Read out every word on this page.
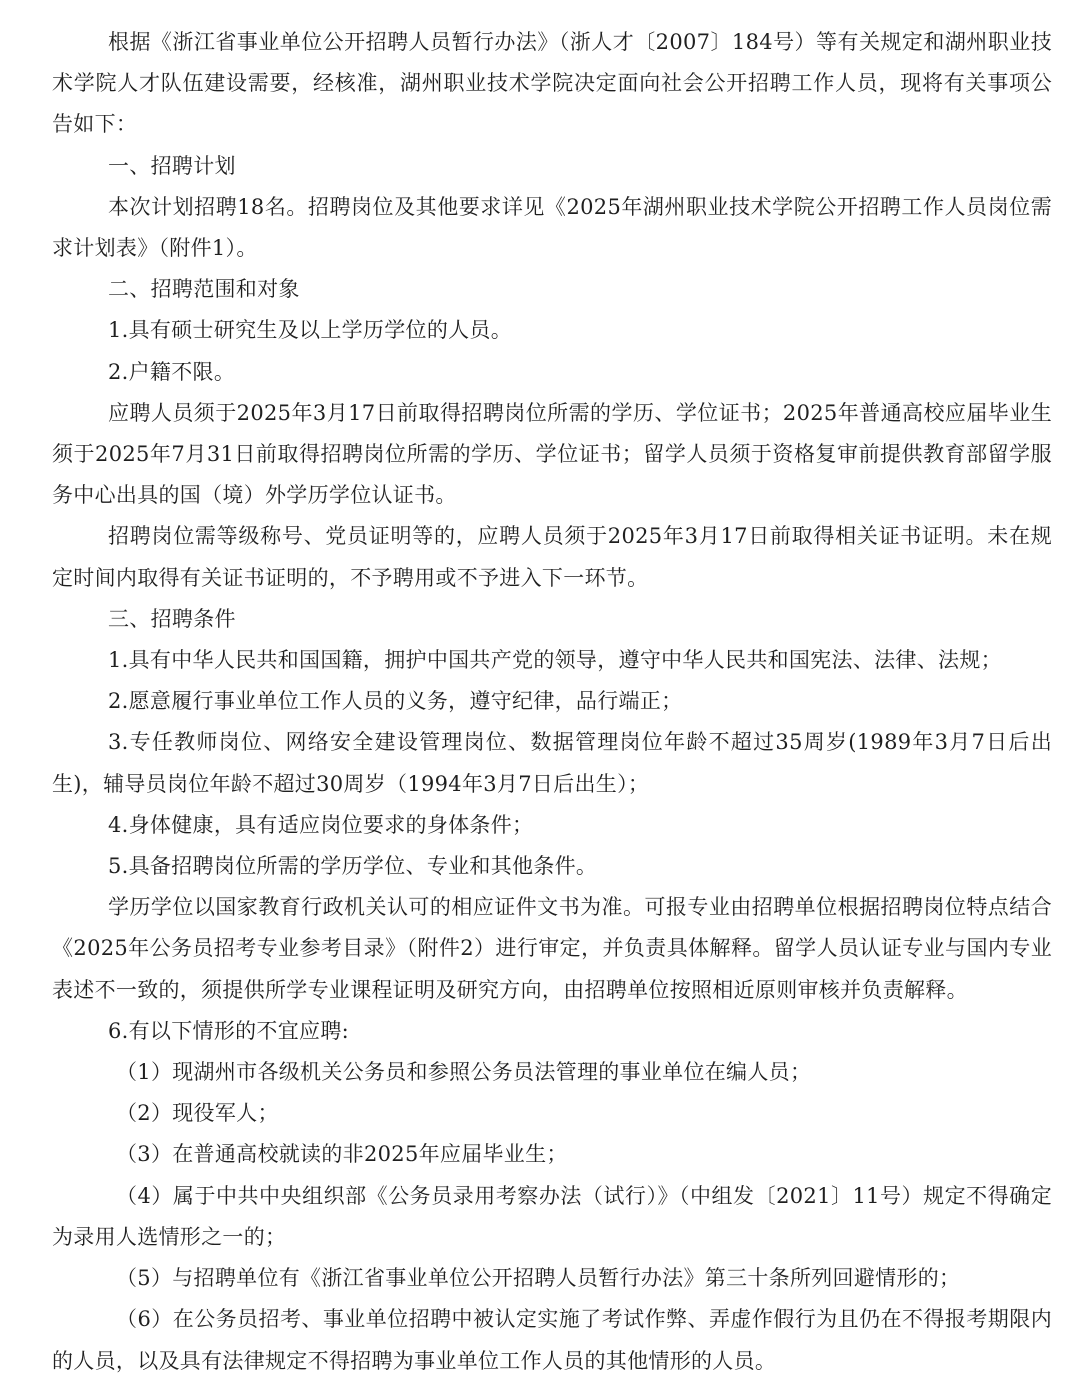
根据《浙江省事业单位公开招聘人员暂行办法》（浙人才〔2007〕184号）等有关规定和湖州职业技术学院人才队伍建设需要，经核准，湖州职业技术学院决定面向社会公开招聘工作人员，现将有关事项公告如下：

一、招聘计划

本次计划招聘18名。招聘岗位及其他要求详见《2025年湖州职业技术学院公开招聘工作人员岗位需求计划表》（附件1）。

二、招聘范围和对象

1.具有硕士研究生及以上学历学位的人员。

2.户籍不限。

应聘人员须于2025年3月17日前取得招聘岗位所需的学历、学位证书；2025年普通高校应届毕业生须于2025年7月31日前取得招聘岗位所需的学历、学位证书；留学人员须于资格复审前提供教育部留学服务中心出具的国（境）外学历学位认证书。

招聘岗位需等级称号、党员证明等的，应聘人员须于2025年3月17日前取得相关证书证明。未在规定时间内取得有关证书证明的，不予聘用或不予进入下一环节。

三、招聘条件

1.具有中华人民共和国国籍，拥护中国共产党的领导，遵守中华人民共和国宪法、法律、法规；

2.愿意履行事业单位工作人员的义务，遵守纪律，品行端正；

3.专任教师岗位、网络安全建设管理岗位、数据管理岗位年龄不超过35周岁(1989年3月7日后出生)，辅导员岗位年龄不超过30周岁（1994年3月7日后出生）；

4.身体健康，具有适应岗位要求的身体条件；

5.具备招聘岗位所需的学历学位、专业和其他条件。

学历学位以国家教育行政机关认可的相应证件文书为准。可报专业由招聘单位根据招聘岗位特点结合《2025年公务员招考专业参考目录》（附件2）进行审定，并负责具体解释。留学人员认证专业与国内专业表述不一致的，须提供所学专业课程证明及研究方向，由招聘单位按照相近原则审核并负责解释。

6.有以下情形的不宜应聘:

（1）现湖州市各级机关公务员和参照公务员法管理的事业单位在编人员；

（2）现役军人；

（3）在普通高校就读的非2025年应届毕业生；

（4）属于中共中央组织部《公务员录用考察办法（试行）》（中组发〔2021〕11号）规定不得确定为录用人选情形之一的；

（5）与招聘单位有《浙江省事业单位公开招聘人员暂行办法》第三十条所列回避情形的；

（6）在公务员招考、事业单位招聘中被认定实施了考试作弊、弄虚作假行为且仍在不得报考期限内的人员，以及具有法律规定不得招聘为事业单位工作人员的其他情形的人员。
